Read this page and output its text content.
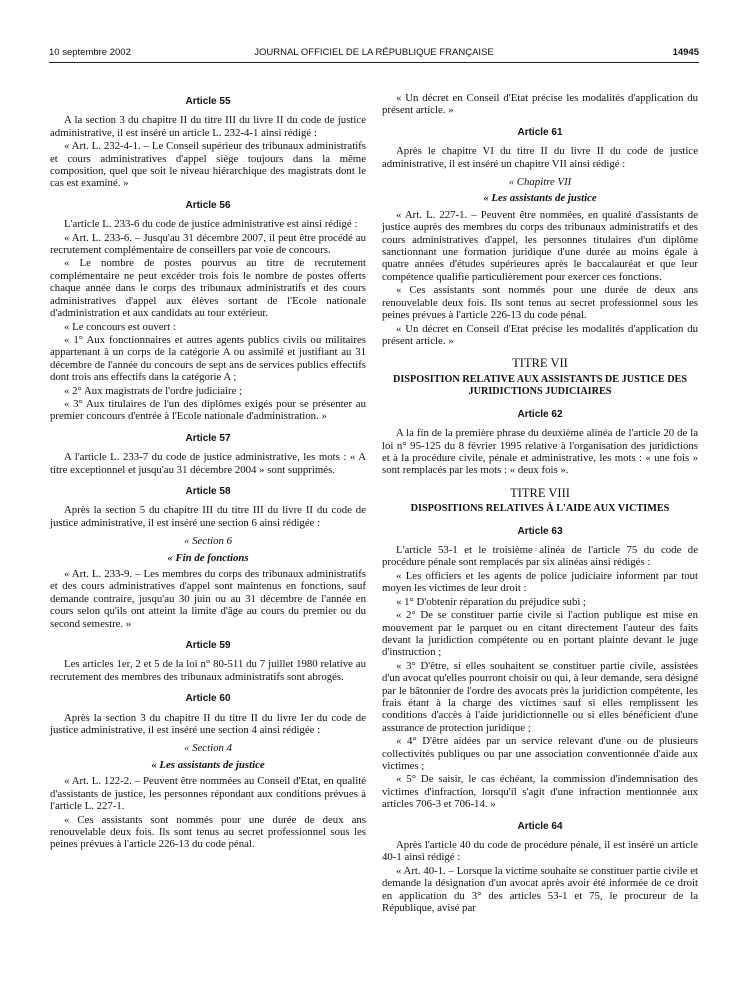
10 septembre 2002	JOURNAL OFFICIEL DE LA RÉPUBLIQUE FRANÇAISE	14945
Article 55

A la section 3 du chapitre II du titre III du livre II du code de justice administrative, il est inséré un article L. 232-4-1 ainsi rédigé :

« Art. L. 232-4-1. – Le Conseil supérieur des tribunaux administratifs et cours administratives d'appel siège toujours dans la même composition, quel que soit le niveau hiérarchique des magistrats dont le cas est examiné. »

Article 56

L'article L. 233-6 du code de justice administrative est ainsi rédigé :

« Art. L. 233-6. – Jusqu'au 31 décembre 2007, il peut être procédé au recrutement complémentaire de conseillers par voie de concours.

« Le nombre de postes pourvus au titre de recrutement complémentaire ne peut excéder trois fois le nombre de postes offerts chaque année dans le corps des tribunaux administratifs et des cours administratives d'appel aux élèves sortant de l'Ecole nationale d'administration et aux candidats au tour extérieur.

« Le concours est ouvert :

« 1° Aux fonctionnaires et autres agents publics civils ou militaires appartenant à un corps de la catégorie A ou assimilé et justifiant au 31 décembre de l'année du concours de sept ans de services publics effectifs dont trois ans effectifs dans la catégorie A ;

« 2° Aux magistrats de l'ordre judiciaire ;

« 3° Aux titulaires de l'un des diplômes exigés pour se présenter au premier concours d'entrée à l'Ecole nationale d'administration. »

Article 57

A l'article L. 233-7 du code de justice administrative, les mots : « A titre exceptionnel et jusqu'au 31 décembre 2004 » sont supprimés.

Article 58

Après la section 5 du chapitre III du titre III du livre II du code de justice administrative, il est inséré une section 6 ainsi rédigée :

« Section 6
« Fin de fonctions

« Art. L. 233-9. – Les membres du corps des tribunaux administratifs et des cours administratives d'appel sont maintenus en fonctions, sauf demande contraire, jusqu'au 30 juin ou au 31 décembre de l'année en cours selon qu'ils ont atteint la limite d'âge au cours du premier ou du second semestre. »

Article 59

Les articles 1er, 2 et 5 de la loi n° 80-511 du 7 juillet 1980 relative au recrutement des membres des tribunaux administratifs sont abrogés.

Article 60

Après la section 3 du chapitre II du titre II du livre Ier du code de justice administrative, il est inséré une section 4 ainsi rédigée :

« Section 4
« Les assistants de justice

« Art. L. 122-2. – Peuvent être nommées au Conseil d'Etat, en qualité d'assistants de justice, les personnes répondant aux conditions prévues à l'article L. 227-1.

« Ces assistants sont nommés pour une durée de deux ans renouvelable deux fois. Ils sont tenus au secret professionnel sous les peines prévues à l'article 226-13 du code pénal.

« Un décret en Conseil d'Etat précise les modalités d'application du présent article. »

Article 61

Après le chapitre VI du titre II du livre II du code de justice administrative, il est inséré un chapitre VII ainsi rédigé :

« Chapitre VII
« Les assistants de justice

« Art. L. 227-1. – Peuvent être nommées, en qualité d'assistants de justice auprès des membres du corps des tribunaux administratifs et des cours administratives d'appel, les personnes titulaires d'un diplôme sanctionnant une formation juridique d'une durée au moins égale à quatre années d'études supérieures après le baccalauréat et que leur compétence qualifie particulièrement pour exercer ces fonctions.

« Ces assistants sont nommés pour une durée de deux ans renouvelable deux fois. Ils sont tenus au secret professionnel sous les peines prévues à l'article 226-13 du code pénal.

« Un décret en Conseil d'Etat précise les modalités d'application du présent article. »

TITRE VII
DISPOSITION RELATIVE AUX ASSISTANTS DE JUSTICE DES JURIDICTIONS JUDICIAIRES
Article 62

A la fin de la première phrase du deuxième alinéa de l'article 20 de la loi n° 95-125 du 8 février 1995 relative à l'organisation des juridictions et à la procédure civile, pénale et administrative, les mots : « une fois » sont remplacés par les mots : « deux fois ».

TITRE VIII
DISPOSITIONS RELATIVES À L'AIDE AUX VICTIMES
Article 63

L'article 53-1 et le troisième alinéa de l'article 75 du code de procédure pénale sont remplacés par six alinéas ainsi rédigés :

« Les officiers et les agents de police judiciaire informent par tout moyen les victimes de leur droit :

« 1° D'obtenir réparation du préjudice subi ;

« 2° De se constituer partie civile si l'action publique est mise en mouvement par le parquet ou en citant directement l'auteur des faits devant la juridiction compétente ou en portant plainte devant le juge d'instruction ;

« 3° D'être, si elles souhaitent se constituer partie civile, assistées d'un avocat qu'elles pourront choisir ou qui, à leur demande, sera désigné par le bâtonnier de l'ordre des avocats près la juridiction compétente, les frais étant à la charge des victimes sauf si elles remplissent les conditions d'accès à l'aide juridictionnelle ou si elles bénéficient d'une assurance de protection juridique ;

« 4° D'être aidées par un service relevant d'une ou de plusieurs collectivités publiques ou par une association conventionnée d'aide aux victimes ;

« 5° De saisir, le cas échéant, la commission d'indemnisation des victimes d'infraction, lorsqu'il s'agit d'une infraction mentionnée aux articles 706-3 et 706-14. »

Article 64

Après l'article 40 du code de procédure pénale, il est inséré un article 40-1 ainsi rédigé :

« Art. 40-1. – Lorsque la victime souhaite se constituer partie civile et demande la désignation d'un avocat après avoir été informée de ce droit en application du 3° des articles 53-1 et 75, le procureur de la République, avisé par
